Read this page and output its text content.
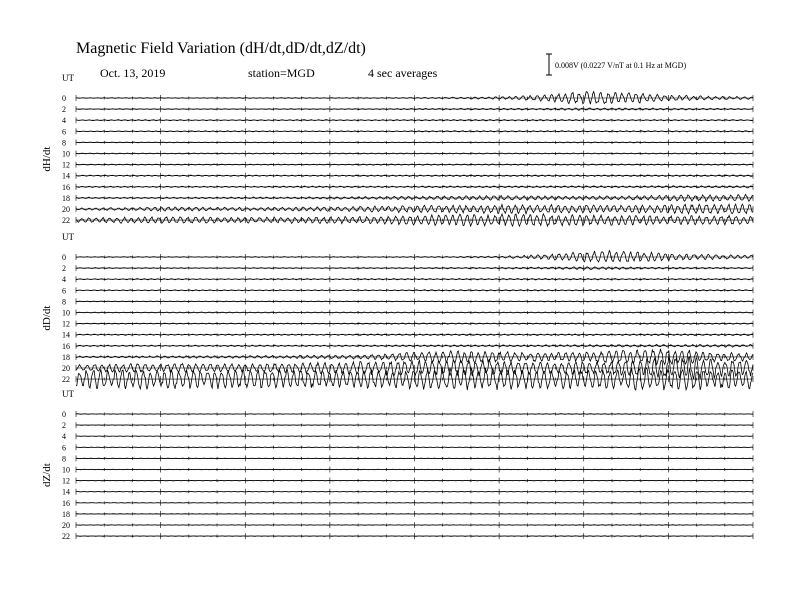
Magnetic Field Variation (dH/dt,dD/dt,dZ/dt)
Oct. 13, 2019	station=MGD	4 sec averages
0.008V (0.0227 V/nT at 0.1 Hz at MGD)
UT
dH/dt
0
2
4
6
8
10
12
14
16
18
20
22
UT
dD/dt
0
2
4
6
8
10
12
14
16
18
20
22
UT
dZ/dt
0
2
4
6
8
10
12
14
16
18
20
22
